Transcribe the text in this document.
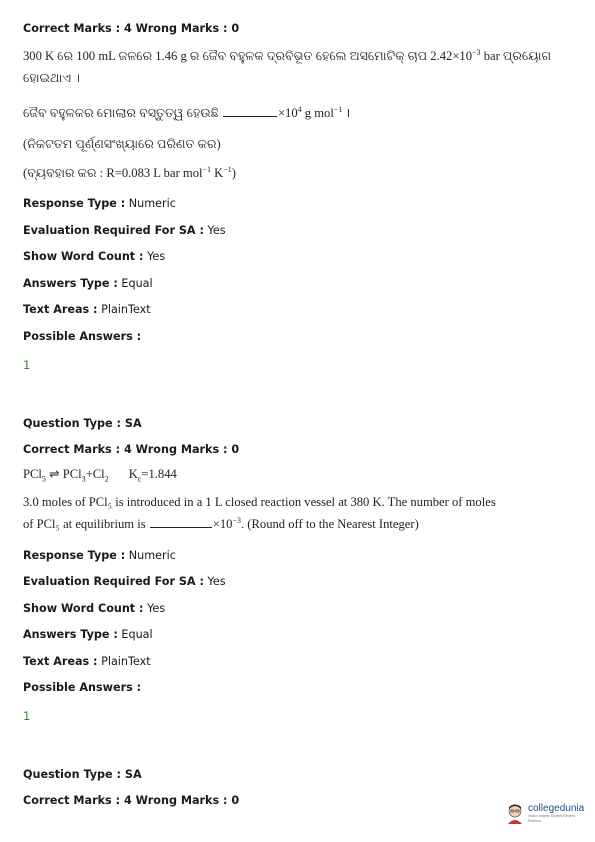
Correct Marks : 4 Wrong Marks : 0
300 K ରେ 100 mL ଜଳରେ 1.46 g ର ଜୈବ ବହୁଳକ ଦ୍ରବିଭୂତ ହେଲେ ଅସମୋଟିକ୍ ଚାପ $2.42\times 10^{-3}$ bar ପ୍ରୟୋଗ
ହୋଇଥାଏ ।
ଜୈବ ବହୁଳକର ମୋଲାର ବସ୍ତୁତ୍ୱ ହେଉଛି	$\times 10^4$ g mol$^{-1}$ ।
(ନିକଟତମ ପୂର୍ଣ୍ଣସଂଖ୍ୟାରେ ପରିଣତ କର)
(ବ୍ୟବହାର କର : R=0.083 L bar mol$^{-1}$ $K^{-1}$)
Response Type : Numeric
Evaluation Required For SA : Yes
Show Word Count : Yes
Answers Type : Equal
Text Areas : PlainText
Possible Answers :
1
Question Type : SA
Correct Marks : 4 Wrong Marks : 0
PCl$_5$ ⇌ $PCl_3+Cl_2$ $K_c=1.844$
3.0 moles of PCl₅ is introduced in a 1 L closed reaction vessel at 380 K. The number of moles
of PCl₅ at equilibrium is	$\times 10^{-3}$. (Round off to the Nearest Integer)
Response Type : Numeric
Evaluation Required For SA : Yes
Show Word Count : Yes
Answers Type : Equal
Text Areas : PlainText
Possible Answers :
1
Question Type : SA
Correct Marks : 4 Wrong Marks : 0
collegedunia
India's largest Student Review Platform
